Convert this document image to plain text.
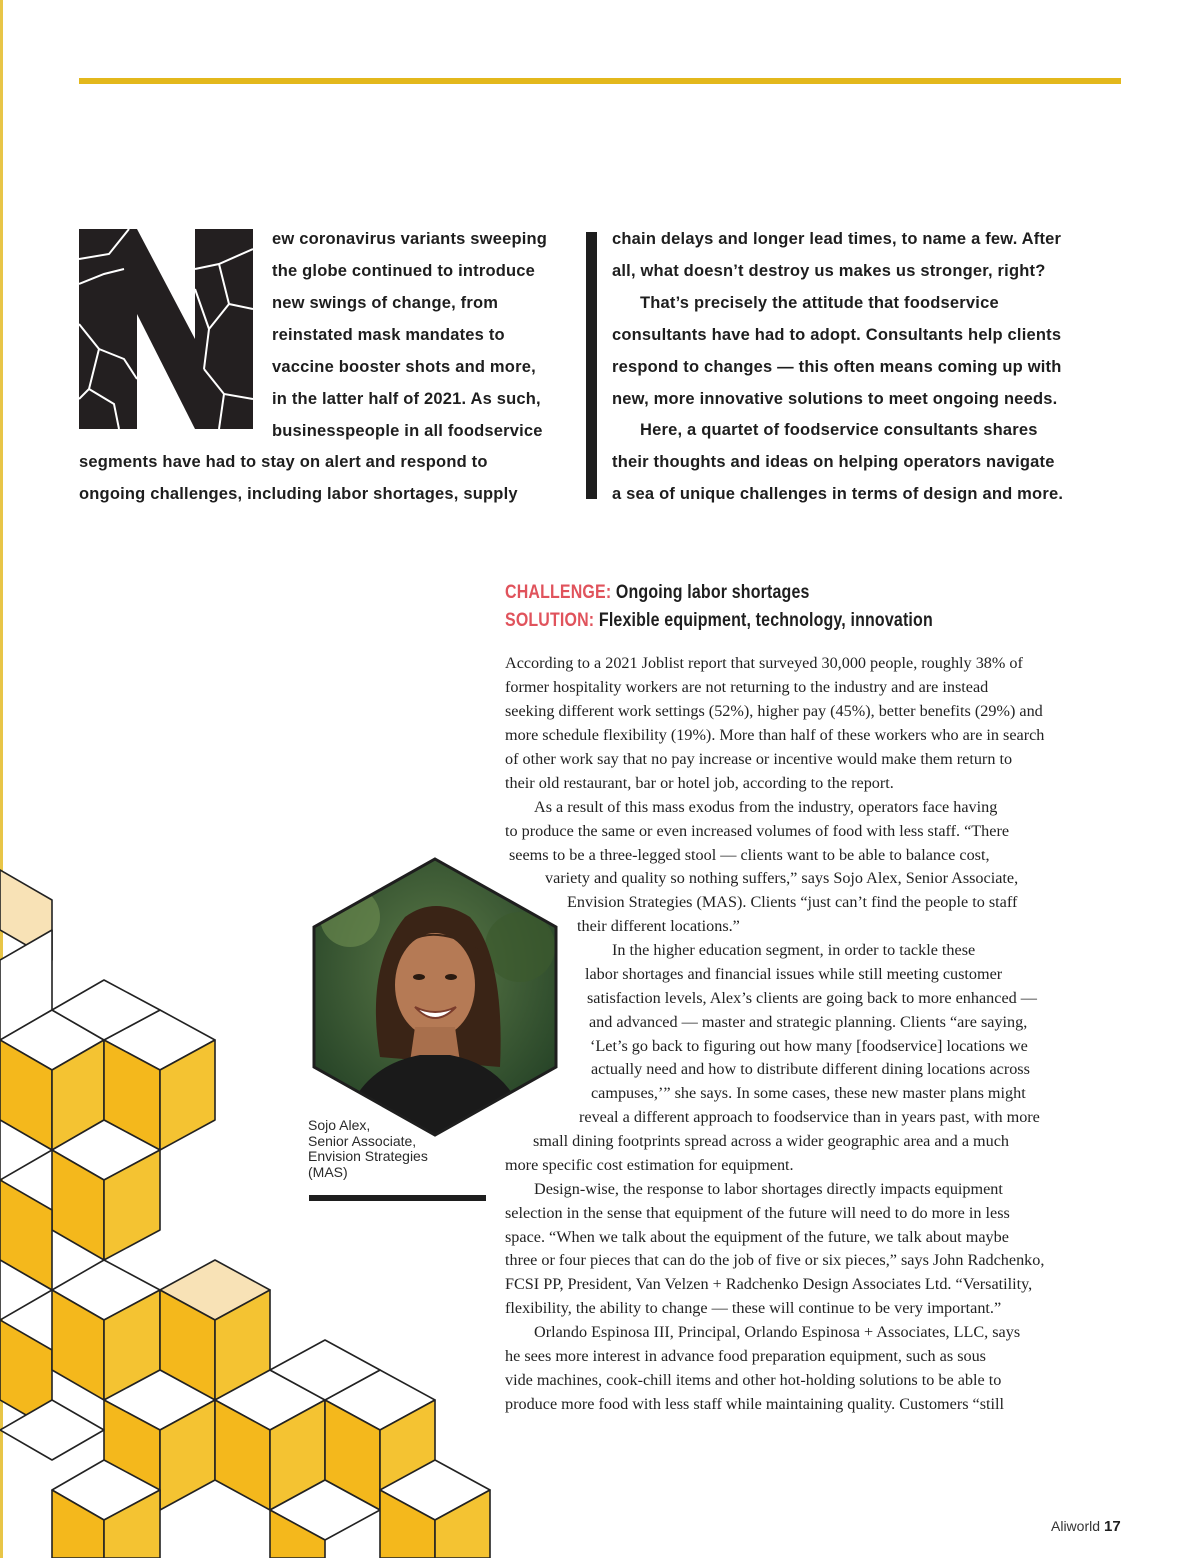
ew coronavirus variants sweeping
the globe continued to introduce
new swings of change, from
reinstated mask mandates to
vaccine booster shots and more,
in the latter half of 2021. As such,
businesspeople in all foodservice
segments have had to stay on alert and respond to
ongoing challenges, including labor shortages, supply
chain delays and longer lead times, to name a few. After
all, what doesn’t destroy us makes us stronger, right?
That’s precisely the attitude that foodservice
consultants have had to adopt. Consultants help clients
respond to changes — this often means coming up with
new, more innovative solutions to meet ongoing needs.
Here, a quartet of foodservice consultants shares
their thoughts and ideas on helping operators navigate
a sea of unique challenges in terms of design and more.
CHALLENGE: Ongoing labor shortages
SOLUTION: Flexible equipment, technology, innovation
According to a 2021 Joblist report that surveyed 30,000 people, roughly 38% of
former hospitality workers are not returning to the industry and are instead
seeking different work settings (52%), higher pay (45%), better benefits (29%) and
more schedule flexibility (19%). More than half of these workers who are in search
of other work say that no pay increase or incentive would make them return to
their old restaurant, bar or hotel job, according to the report.
As a result of this mass exodus from the industry, operators face having
to produce the same or even increased volumes of food with less staff. “There
seems to be a three-legged stool — clients want to be able to balance cost,
variety and quality so nothing suffers,” says Sojo Alex, Senior Associate,
Envision Strategies (MAS). Clients “just can’t find the people to staff
their different locations.”
In the higher education segment, in order to tackle these
labor shortages and financial issues while still meeting customer
satisfaction levels, Alex’s clients are going back to more enhanced —
and advanced — master and strategic planning. Clients “are saying,
‘Let’s go back to figuring out how many [foodservice] locations we
actually need and how to distribute different dining locations across
campuses,’” she says. In some cases, these new master plans might
reveal a different approach to foodservice than in years past, with more
small dining footprints spread across a wider geographic area and a much
more specific cost estimation for equipment.
Design-wise, the response to labor shortages directly impacts equipment
selection in the sense that equipment of the future will need to do more in less
space. “When we talk about the equipment of the future, we talk about maybe
three or four pieces that can do the job of five or six pieces,” says John Radchenko,
FCSI PP, President, Van Velzen + Radchenko Design Associates Ltd. “Versatility,
flexibility, the ability to change — these will continue to be very important.”
Orlando Espinosa III, Principal, Orlando Espinosa + Associates, LLC, says
he sees more interest in advance food preparation equipment, such as sous
vide machines, cook-chill items and other hot-holding solutions to be able to
produce more food with less staff while maintaining quality. Customers “still
Sojo Alex,
Senior Associate,
Envision Strategies
(MAS)
Aliworld 17
